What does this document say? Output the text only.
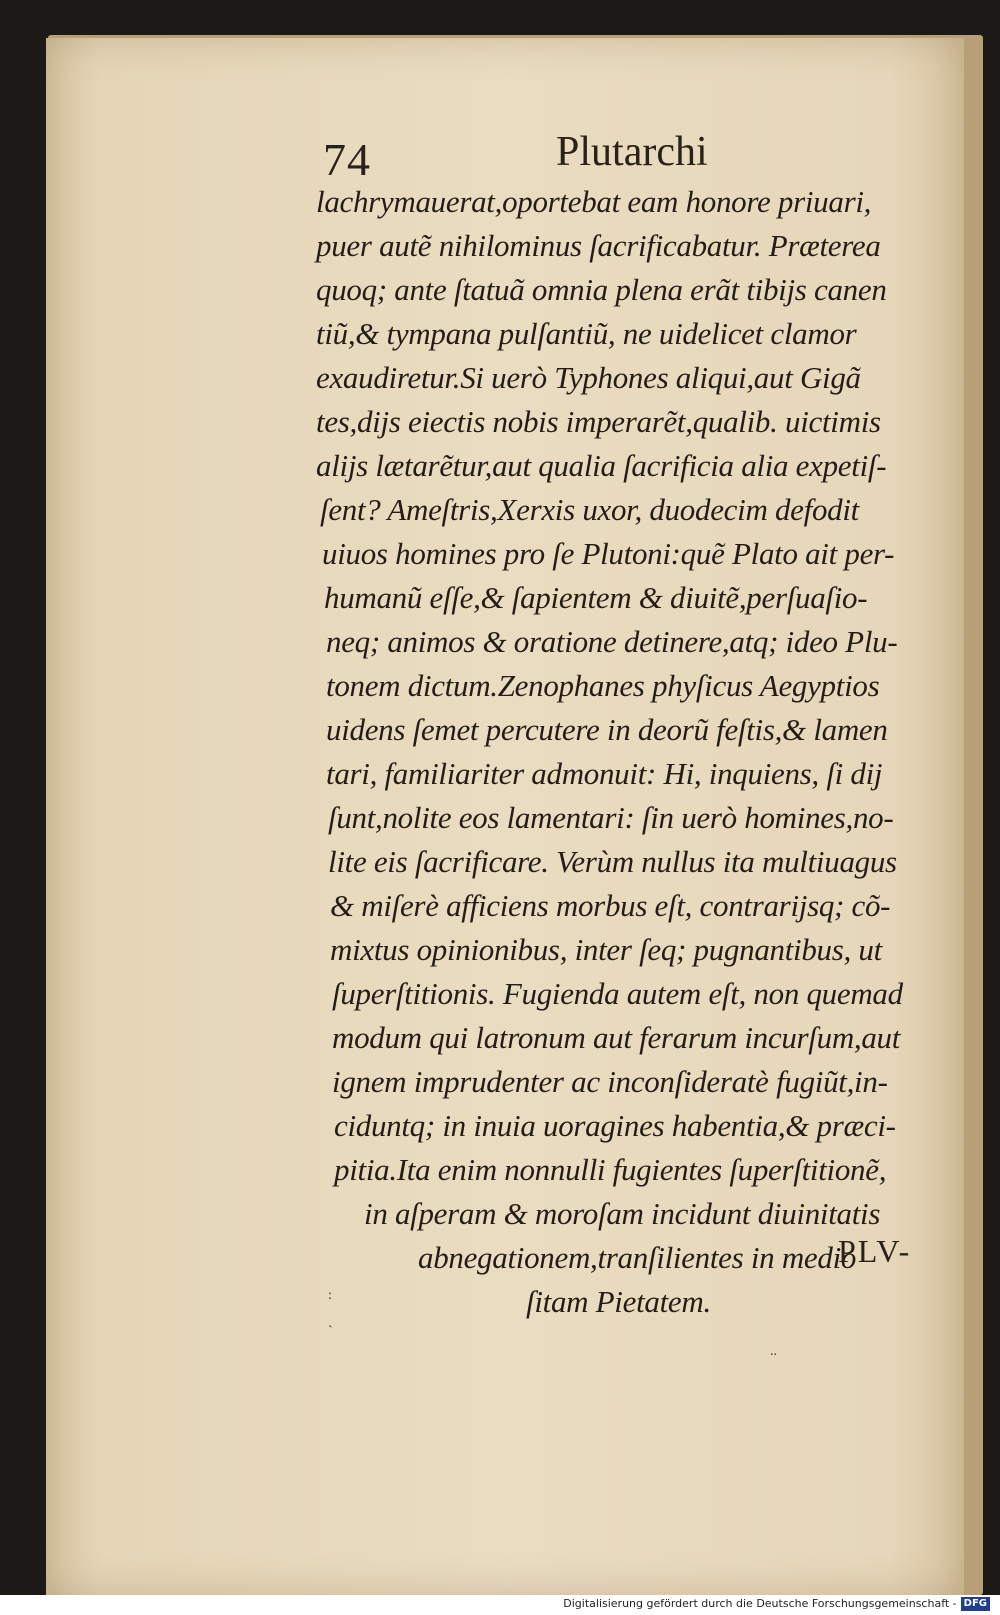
74	Plutarchi
lachrymauerat,oportebat eam honore priuari,
puer autẽ nihilominus ſacrificabatur. Præterea
quoq; ante ſtatuã omnia plena erãt tibijs canen
tiũ,& tympana pulſantiũ, ne uidelicet clamor
exaudiretur.Si uerò Typhones aliqui,aut Gigã
tes,dijs eiectis nobis imperarẽt,qualib. uictimis
alijs lætarẽtur,aut qualia ſacrificia alia expetiſ-
ſent? Ameſtris,Xerxis uxor, duodecim defodit
uiuos homines pro ſe Plutoni:quẽ Plato ait per-
humanũ eſſe,& ſapientem & diuitẽ,perſuaſio-
neq; animos & oratione detinere,atq; ideo Plu-
tonem dictum.Zenophanes phyſicus Aegyptios
uidens ſemet percutere in deorũ feſtis,& lamen
tari, familiariter admonuit: Hi, inquiens, ſi dij
ſunt,nolite eos lamentari: ſin uerò homines,no-
lite eis ſacrificare. Verùm nullus ita multiuagus
& miſerè afficiens morbus eſt, contrarijsq; cõ-
mixtus opinionibus, inter ſeq; pugnantibus, ut
ſuperſtitionis. Fugienda autem eſt, non quemad
modum qui latronum aut ferarum incurſum,aut
ignem imprudenter ac inconſideratè fugiũt,in-
ciduntq; in inuia uoragines habentia,& præci-
pitia.Ita enim nonnulli fugientes ſuperſtitionẽ,
in aſperam & moroſam incidunt diuinitatis
abnegationem,tranſilientes in medio
ſitam Pietatem.
PLV-
:
`
..
Digitalisierung gefördert durch die Deutsche Forschungsgemeinschaft - DFG
